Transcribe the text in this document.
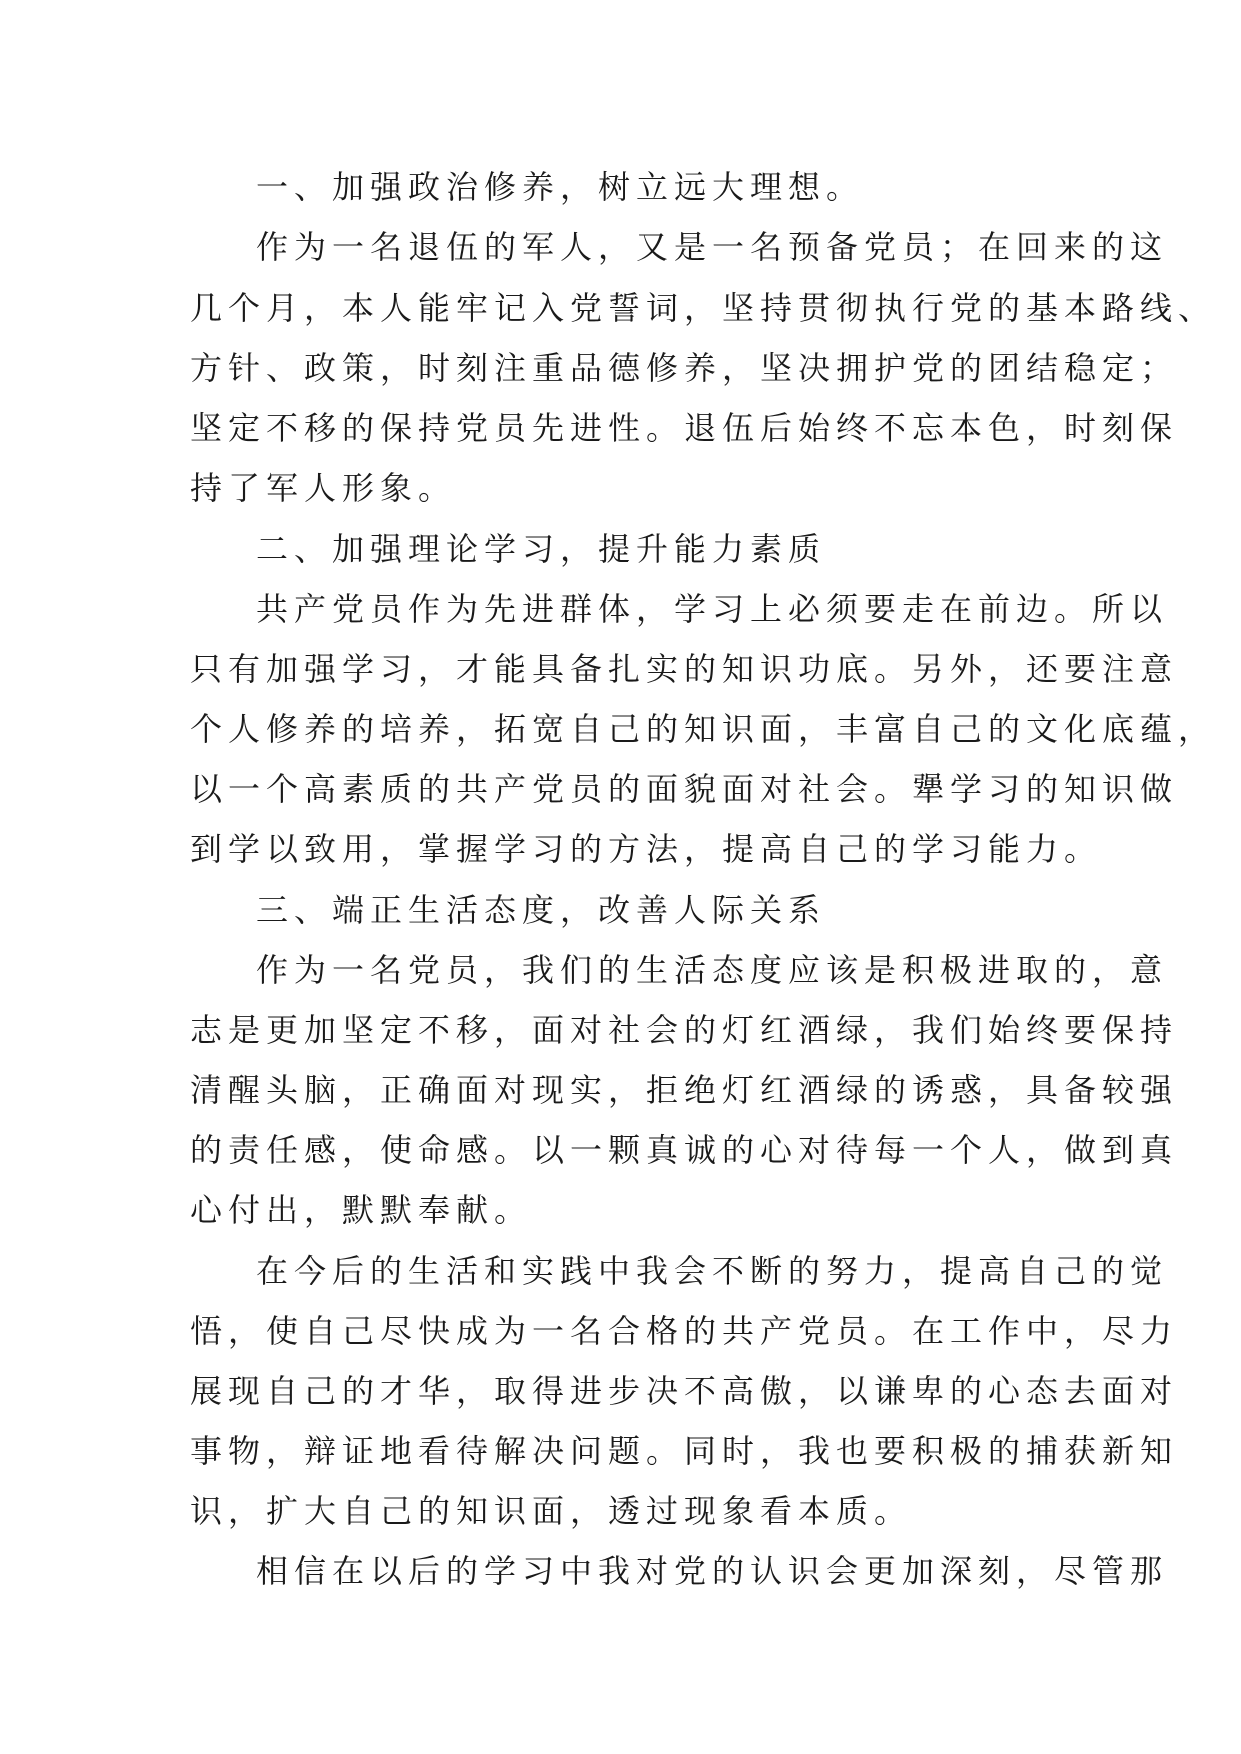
一、加强政治修养，树立远大理想。

作为一名退伍的军人，又是一名预备党员；在回来的这

几个月，本人能牢记入党誓词，坚持贯彻执行党的基本路线、

方针、政策，时刻注重品德修养，坚决拥护党的团结稳定；

坚定不移的保持党员先进性。退伍后始终不忘本色，时刻保

持了军人形象。

二、加强理论学习，提升能力素质

共产党员作为先进群体，学习上必须要走在前边。所以

只有加强学习，才能具备扎实的知识功底。另外，还要注意

个人修养的培养，拓宽自己的知识面，丰富自己的文化底蕴，

以一个高素质的共产党员的面貌面对社会。犟学习的知识做

到学以致用，掌握学习的方法，提高自己的学习能力。

三、端正生活态度，改善人际关系

作为一名党员，我们的生活态度应该是积极进取的，意

志是更加坚定不移，面对社会的灯红酒绿，我们始终要保持

清醒头脑，正确面对现实，拒绝灯红酒绿的诱惑，具备较强

的责任感，使命感。以一颗真诚的心对待每一个人，做到真

心付出，默默奉献。

在今后的生活和实践中我会不断的努力，提高自己的觉

悟，使自己尽快成为一名合格的共产党员。在工作中，尽力

展现自己的才华，取得进步决不高傲，以谦卑的心态去面对

事物，辩证地看待解决问题。同时，我也要积极的捕获新知

识，扩大自己的知识面，透过现象看本质。

相信在以后的学习中我对党的认识会更加深刻，尽管那
